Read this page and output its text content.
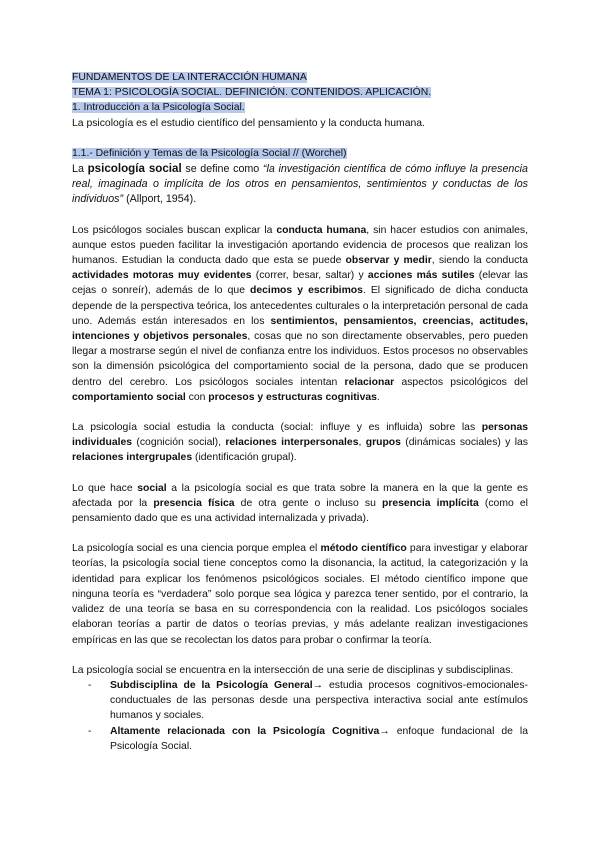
FUNDAMENTOS DE LA INTERACCIÓN HUMANA
TEMA 1: PSICOLOGÍA SOCIAL. DEFINICIÓN. CONTENIDOS. APLICACIÓN.
1. Introducción a la Psicología Social.

La psicología es el estudio científico del pensamiento y la conducta humana.

1.1.- Definición y Temas de la Psicología Social // (Worchel)

La psicología social se define como “la investigación científica de cómo influye la presencia real, imaginada o implícita de los otros en pensamientos, sentimientos y conductas de los individuos” (Allport, 1954).

Los psicólogos sociales buscan explicar la conducta humana, sin hacer estudios con animales, aunque estos pueden facilitar la investigación aportando evidencia de procesos que realizan los humanos. Estudian la conducta dado que esta se puede observar y medir, siendo la conducta actividades motoras muy evidentes (correr, besar, saltar) y acciones más sutiles (elevar las cejas o sonreír), además de lo que decimos y escribimos. El significado de dicha conducta depende de la perspectiva teórica, los antecedentes culturales o la interpretación personal de cada uno. Además están interesados en los sentimientos, pensamientos, creencias, actitudes, intenciones y objetivos personales, cosas que no son directamente observables, pero pueden llegar a mostrarse según el nivel de confianza entre los individuos. Estos procesos no observables son la dimensión psicológica del comportamiento social de la persona, dado que se producen dentro del cerebro. Los psicólogos sociales intentan relacionar aspectos psicológicos del comportamiento social con procesos y estructuras cognitivas.

La psicología social estudia la conducta (social: influye y es influida) sobre las personas individuales (cognición social), relaciones interpersonales, grupos (dinámicas sociales) y las relaciones intergrupales (identificación grupal).

Lo que hace social a la psicología social es que trata sobre la manera en la que la gente es afectada por la presencia física de otra gente o incluso su presencia implícita (como el pensamiento dado que es una actividad internalizada y privada).

La psicología social es una ciencia porque emplea el método científico para investigar y elaborar teorías, la psicología social tiene conceptos como la disonancia, la actitud, la categorización y la identidad para explicar los fenómenos psicológicos sociales. El método científico impone que ninguna teoría es “verdadera” solo porque sea lógica y parezca tener sentido, por el contrario, la validez de una teoría se basa en su correspondencia con la realidad. Los psicólogos sociales elaboran teorías a partir de datos o teorías previas, y más adelante realizan investigaciones empíricas en las que se recolectan los datos para probar o confirmar la teoría.

La psicología social se encuentra en la intersección de una serie de disciplinas y subdisciplinas.

- Subdisciplina de la Psicología General→ estudia procesos cognitivos-emocionales-conductuales de las personas desde una perspectiva interactiva social ante estímulos humanos y sociales.
- Altamente relacionada con la Psicología Cognitiva→ enfoque fundacional de la Psicología Social.
